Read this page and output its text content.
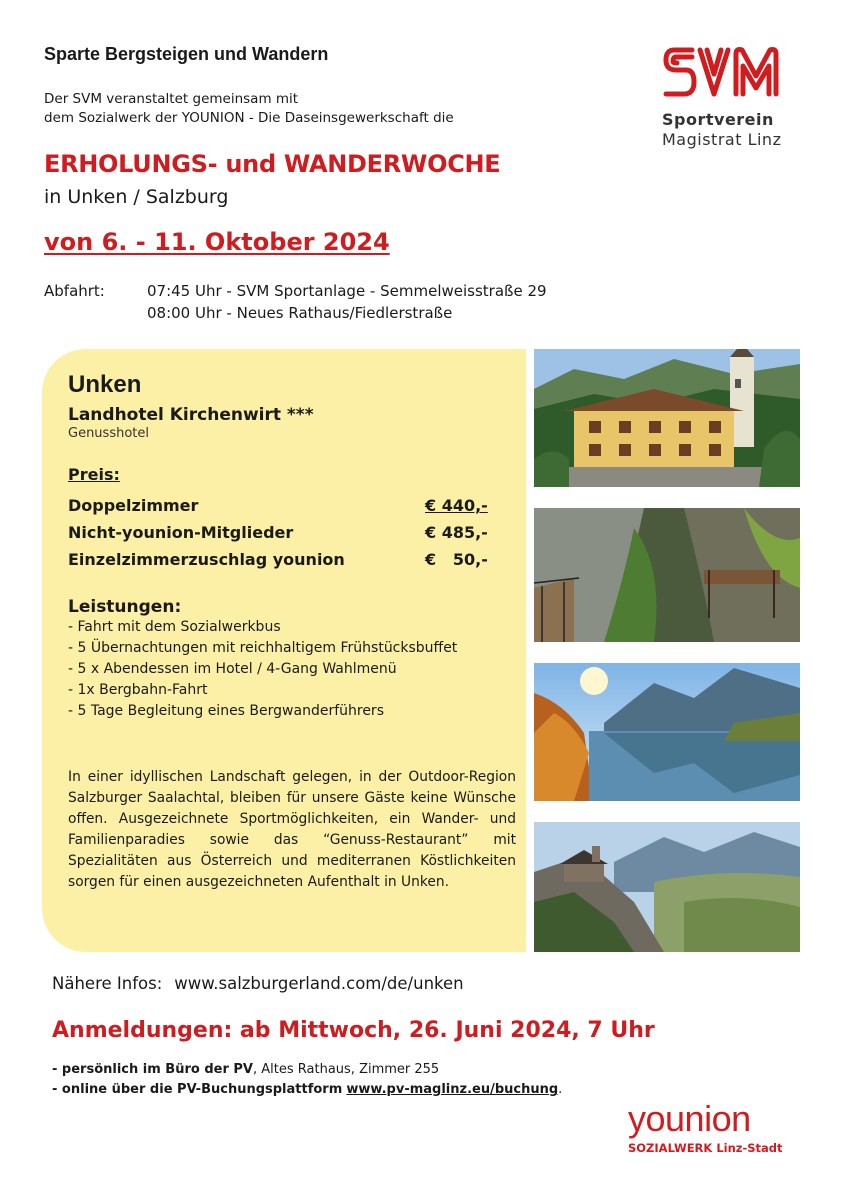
Sparte Bergsteigen und Wandern
Der SVM veranstaltet gemeinsam mit
dem Sozialwerk der YOUNION - Die Daseinsgewerkschaft die
ERHOLUNGS- und WANDERWOCHE
in Unken / Salzburg
von 6. - 11. Oktober 2024
Abfahrt:	07:45 Uhr - SVM Sportanlage - Semmelweisstraße 29
08:00 Uhr - Neues Rathaus/Fiedlerstraße
Sportverein
Magistrat Linz
Unken
Landhotel Kirchenwirt ***
Genusshotel
Preis:
Doppelzimmer	€ 440,-
Nicht-younion-Mitglieder	€ 485,-
Einzelzimmerzuschlag younion	€   50,-
Leistungen:
- Fahrt mit dem Sozialwerkbus
- 5 Übernachtungen mit reichhaltigem Frühstücksbuffet
- 5 x Abendessen im Hotel / 4-Gang Wahlmenü
- 1x Bergbahn-Fahrt
- 5 Tage Begleitung eines Bergwanderführers
In einer idyllischen Landschaft gelegen, in der Outdoor-Region Salzburger Saalachtal, bleiben für unsere Gäste keine Wünsche offen. Ausgezeichnete Sportmöglichkeiten, ein Wander- und Familienparadies sowie das “Genuss-Restaurant” mit Spezialitäten aus Österreich und mediterranen Köstlichkeiten sorgen für einen ausgezeichneten Aufenthalt in Unken.
Nähere Infos: www.salzburgerland.com/de/unken
Anmeldungen: ab Mittwoch, 26. Juni 2024, 7 Uhr
- persönlich im Büro der PV, Altes Rathaus, Zimmer 255
- online über die PV-Buchungsplattform www.pv-maglinz.eu/buchung.
younion
SOZIALWERK Linz-Stadt
